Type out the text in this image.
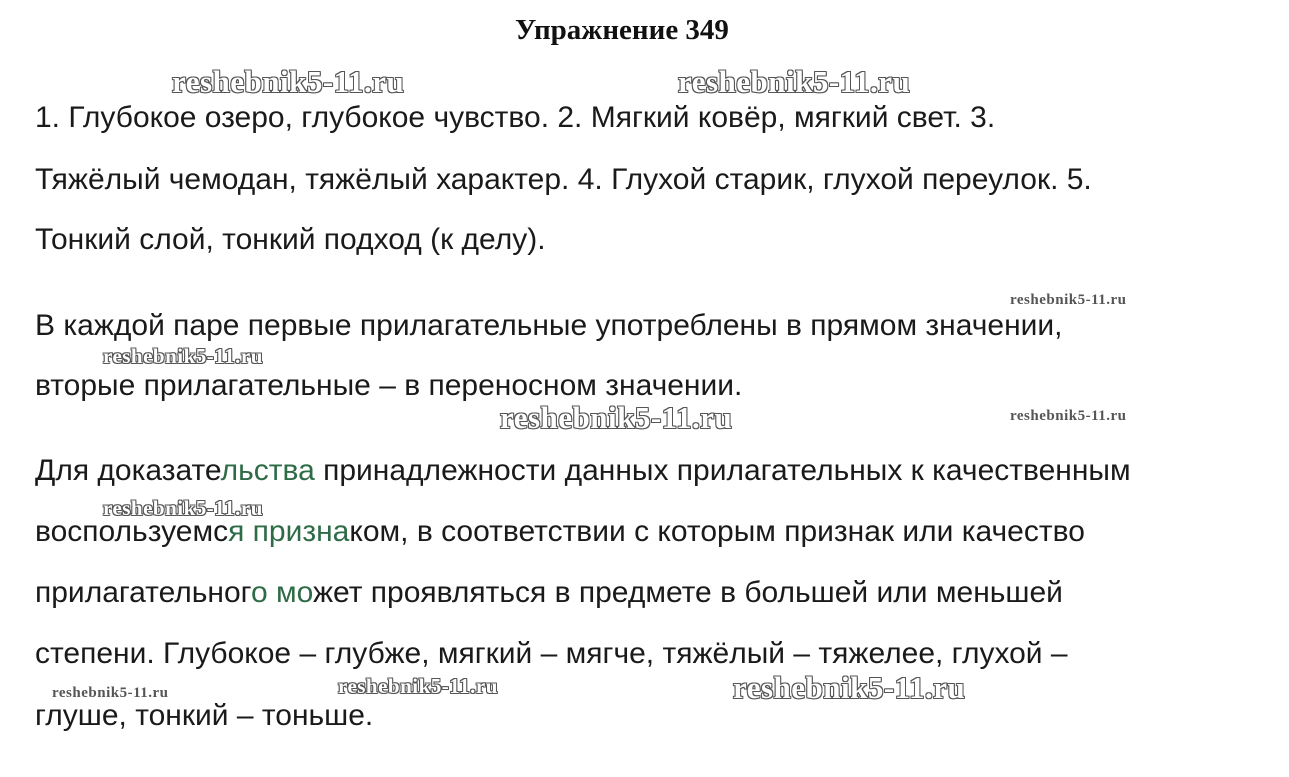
Упражнение 349
reshebnik5-11.ru	reshebnik5-11.ru
reshebnik5-11.ru
reshebnik5-11.ru
reshebnik5-11.ru	reshebnik5-11.ru
reshebnik5-11.ru
reshebnik5-11.ru	reshebnik5-11.ru	reshebnik5-11.ru
1. Глубокое озеро, глубокое чувство. 2. Мягкий ковёр, мягкий свет. 3.
Тяжёлый чемодан, тяжёлый характер. 4. Глухой старик, глухой переулок. 5.
Тонкий слой, тонкий подход (к делу).
В каждой паре первые прилагательные употреблены в прямом значении,
вторые прилагательные – в переносном значении.
Для доказательства принадлежности данных прилагательных к качественным
воспользуемся признаком, в соответствии с которым признак или качество
прилагательного может проявляться в предмете в большей или меньшей
степени. Глубокое – глубже, мягкий – мягче, тяжёлый – тяжелее, глухой –
глуше, тонкий – тоньше.
